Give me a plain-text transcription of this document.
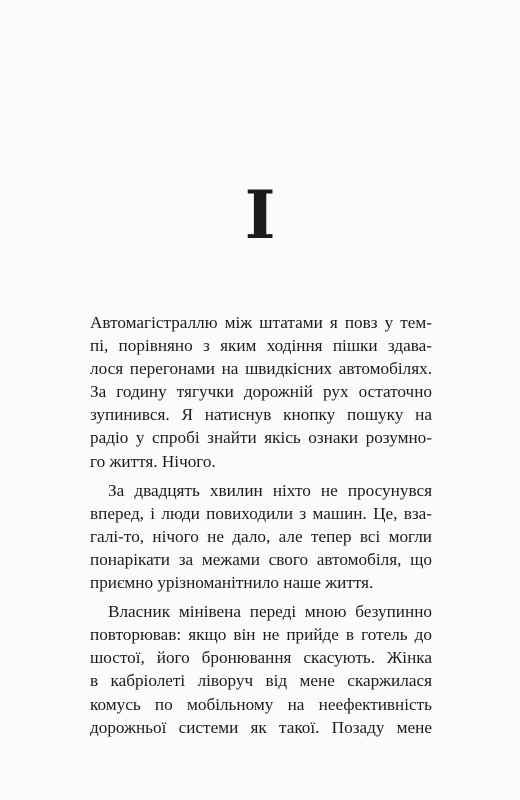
I
Автомагістраллю між штатами я повз у тем-
пі, порівняно з яким ходіння пішки здава-
лося перегонами на швидкісних автомобілях.
За годину тягучки дорожній рух остаточно
зупинився. Я натиснув кнопку пошуку на
радіо у спробі знайти якісь ознаки розумно-
го життя. Нічого.
За двадцять хвилин ніхто не просунувся
вперед, і люди повиходили з машин. Це, вза-
галі-то, нічого не дало, але тепер всі могли
понарікати за межами свого автомобіля, що
приємно урізноманітнило наше життя.
Власник мінівена переді мною безупинно
повторював: якщо він не прийде в готель до
шостої, його бронювання скасують. Жінка
в кабріолеті ліворуч від мене скаржилася
комусь по мобільному на неефективність
дорожньої системи як такої. Позаду мене
